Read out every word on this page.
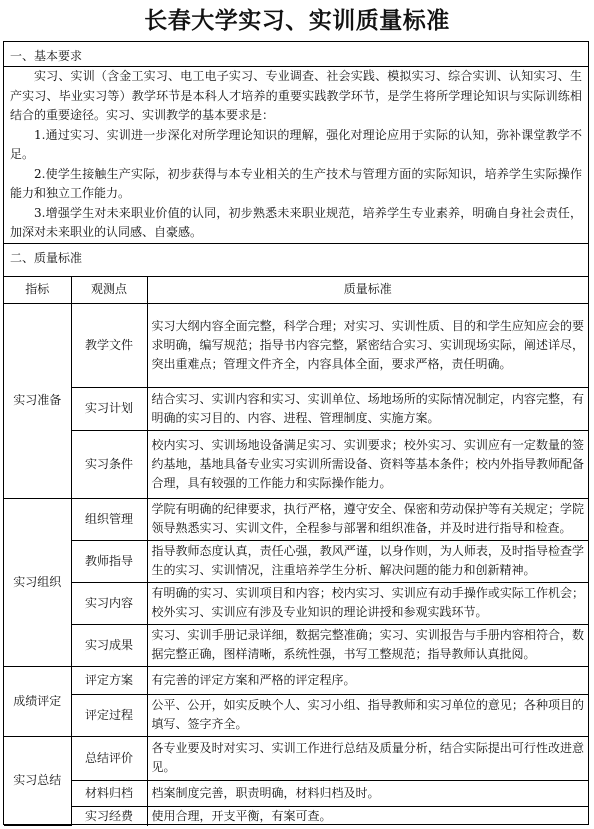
长春大学实习、实训质量标准
一、基本要求

实习、实训（含金工实习、电工电子实习、专业调查、社会实践、模拟实习、综合实训、认知实习、生产实习、毕业实习等）教学环节是本科人才培养的重要实践教学环节，是学生将所学理论知识与实际训练相结合的重要途径。实习、实训教学的基本要求是：

1.通过实习、实训进一步深化对所学理论知识的理解，强化对理论应用于实际的认知，弥补课堂教学不足。

2.使学生接触生产实际，初步获得与本专业相关的生产技术与管理方面的实际知识，培养学生实际操作能力和独立工作能力。

3.增强学生对未来职业价值的认同，初步熟悉未来职业规范，培养学生专业素养，明确自身社会责任，加深对未来职业的认同感、自豪感。

二、质量标准
指标	观测点	质量标准
实习准备	教学文件	实习大纲内容全面完整，科学合理；对实习、实训性质、目的和学生应知应会的要求明确，编写规范；指导书内容完整，紧密结合实习、实训现场实际，阐述详尽，突出重难点；管理文件齐全，内容具体全面，要求严格，责任明确。
	实习计划	结合实习、实训内容和实习、实训单位、场地场所的实际情况制定，内容完整，有明确的实习目的、内容、进程、管理制度、实施方案。
	实习条件	校内实习、实训场地设备满足实习、实训要求；校外实习、实训应有一定数量的签约基地，基地具备专业实习实训所需设备、资料等基本条件；校内外指导教师配备合理，具有较强的工作能力和实际操作能力。
实习组织	组织管理	学院有明确的纪律要求，执行严格，遵守安全、保密和劳动保护等有关规定；学院领导熟悉实习、实训文件，全程参与部署和组织准备，并及时进行指导和检查。
	教师指导	指导教师态度认真，责任心强，教风严谨，以身作则，为人师表，及时指导检查学生的实习、实训情况，注重培养学生分析、解决问题的能力和创新精神。
	实习内容	有明确的实习、实训项目和内容；校内实习、实训应有动手操作或实际工作机会；校外实习、实训应有涉及专业知识的理论讲授和参观实践环节。
	实习成果	实习、实训手册记录详细，数据完整准确；实习、实训报告与手册内容相符合，数据完整正确，图样清晰，系统性强，书写工整规范；指导教师认真批阅。
成绩评定	评定方案	有完善的评定方案和严格的评定程序。
	评定过程	公平、公开，如实反映个人、实习小组、指导教师和实习单位的意见；各种项目的填写、签字齐全。
实习总结	总结评价	各专业要及时对实习、实训工作进行总结及质量分析，结合实际提出可行性改进意见。
	材料归档	档案制度完善，职责明确，材料归档及时。
	实习经费	使用合理，开支平衡，有案可查。
